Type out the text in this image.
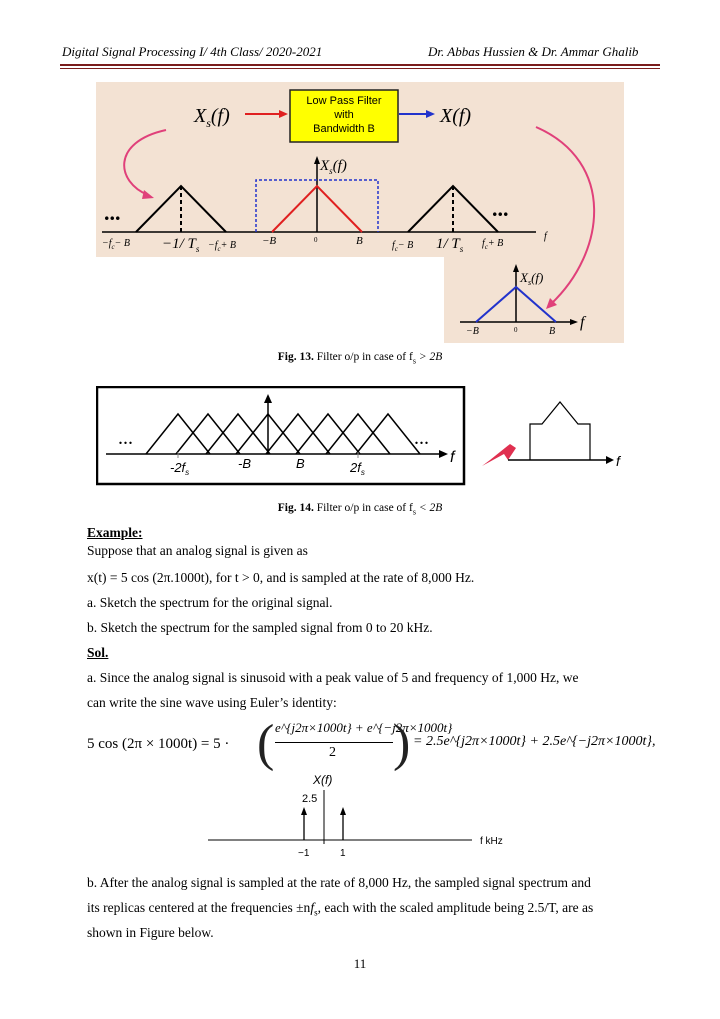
Digital Signal Processing I/ 4th Class/ 2020-2021	Dr. Abbas Hussien & Dr. Ammar Ghalib
$X_s(f)$
Low Pass Filter
with
Bandwidth B
X(f)
f
$X_s(f)$
...	...
$-f_c- B -1/$ $T_s -f_c+ B -B$	0	B	$f_c- B$ 1/ $T_s$ $f_c+ B$
f
$X_s(f)$
−B	0	B
Fig. 13. Filter o/p in case of $f_s > 2B$
f
...	...
$-2f_s$
-B	B	$2f_s$
f
Fig. 14. Filter o/p in case of $f_s < 2B$
Example:
Suppose that an analog signal is given as
x(t) = 5 cos (2π.1000t), for t > 0, and is sampled at the rate of 8,000 Hz.
a. Sketch the spectrum for the original signal.
b. Sketch the spectrum for the sampled signal from 0 to 20 kHz.
Sol.
a. Since the analog signal is sinusoid with a peak value of 5 and frequency of 1,000 Hz, we
can write the sine wave using Euler’s identity:
5 cos (2π × 1000t) = 5 · ( e^{j2π×1000t} + e^{−j2π×1000t}
2 ) = 2.5e^{j2π×1000t} + 2.5e^{−j2π×1000t},
X(f)
2.5
f kHz
−1	1
b. After the analog signal is sampled at the rate of 8,000 Hz, the sampled signal spectrum and
its replicas centered at the frequencies $\pm nf_s$, each with the scaled amplitude being 2.5/T, are as
shown in Figure below.
11
